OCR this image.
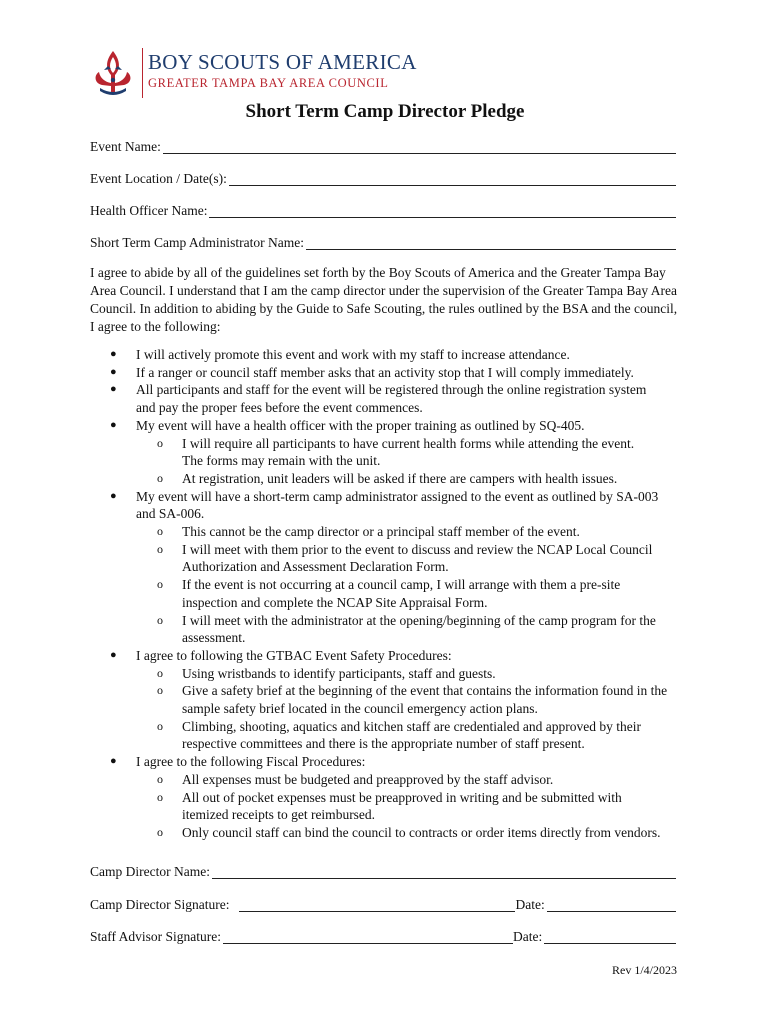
BOY SCOUTS OF AMERICA
GREATER TAMPA BAY AREA COUNCIL
Short Term Camp Director Pledge
Event Name:
Event Location / Date(s):
Health Officer Name:
Short Term Camp Administrator Name:
I agree to abide by all of the guidelines set forth by the Boy Scouts of America and the Greater Tampa Bay Area Council. I understand that I am the camp director under the supervision of the Greater Tampa Bay Area Council. In addition to abiding by the Guide to Safe Scouting, the rules outlined by the BSA and the council, I agree to the following:
● I will actively promote this event and work with my staff to increase attendance.
● If a ranger or council staff member asks that an activity stop that I will comply immediately.
● All participants and staff for the event will be registered through the online registration system
and pay the proper fees before the event commences.
● My event will have a health officer with the proper training as outlined by SQ-405.
o I will require all participants to have current health forms while attending the event.
The forms may remain with the unit.
o At registration, unit leaders will be asked if there are campers with health issues.
● My event will have a short-term camp administrator assigned to the event as outlined by SA-003
and SA-006.
o This cannot be the camp director or a principal staff member of the event.
o I will meet with them prior to the event to discuss and review the NCAP Local Council
Authorization and Assessment Declaration Form.
o If the event is not occurring at a council camp, I will arrange with them a pre-site
inspection and complete the NCAP Site Appraisal Form.
o I will meet with the administrator at the opening/beginning of the camp program for the
assessment.
● I agree to following the GTBAC Event Safety Procedures:
o Using wristbands to identify participants, staff and guests.
o Give a safety brief at the beginning of the event that contains the information found in the
sample safety brief located in the council emergency action plans.
o Climbing, shooting, aquatics and kitchen staff are credentialed and approved by their
respective committees and there is the appropriate number of staff present.
● I agree to the following Fiscal Procedures:
o All expenses must be budgeted and preapproved by the staff advisor.
o All out of pocket expenses must be preapproved in writing and be submitted with
itemized receipts to get reimbursed.
o Only council staff can bind the council to contracts or order items directly from vendors.
Camp Director Name:
Camp Director Signature:	Date:
Staff Advisor Signature:	Date:
Rev 1/4/2023
